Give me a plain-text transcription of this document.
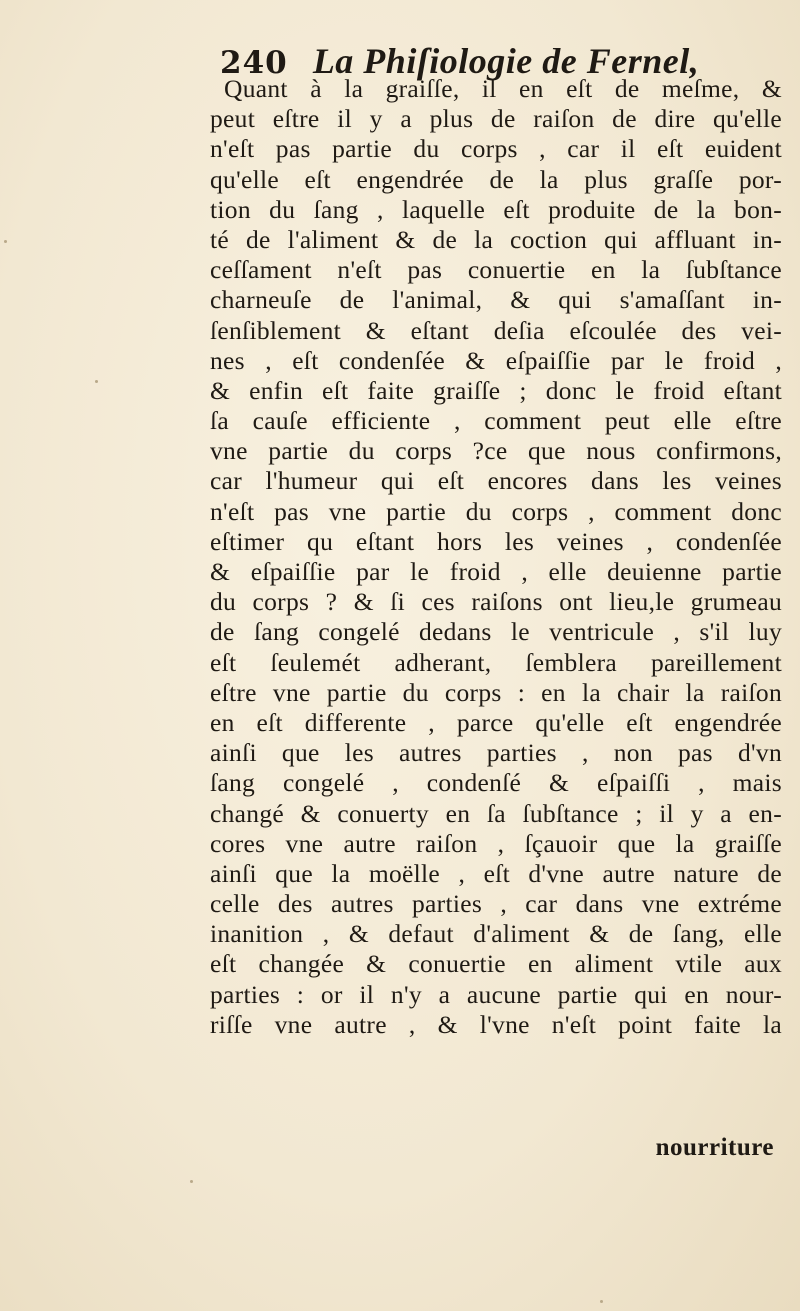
240 La Phiſiologie de Fernel,
Quant à la graiſſe, il en eſt de meſme, &
peut eſtre il y a plus de raiſon de dire qu'elle
n'eſt pas partie du corps , car il eſt euident
qu'elle eſt engendrée de la plus graſſe por-
tion du ſang , laquelle eſt produite de la bon-
té de l'aliment & de la coction qui affluant in-
ceſſament n'eſt pas conuertie en la ſubſtance
charneuſe de l'animal, & qui s'amaſſant in-
ſenſiblement & eſtant deſia eſcoulée des vei-
nes , eſt condenſée & eſpaiſſie par le froid ,
& enfin eſt faite graiſſe ; donc le froid eſtant
ſa cauſe efficiente , comment peut elle eſtre
vne partie du corps ?ce que nous confirmons,
car l'humeur qui eſt encores dans les veines
n'eſt pas vne partie du corps , comment donc
eſtimer qu eſtant hors les veines , condenſée
& eſpaiſſie par le froid , elle deuienne partie
du corps ? & ſi ces raiſons ont lieu,le grumeau
de ſang congelé dedans le ventricule , s'il luy
eſt ſeulemét adherant, ſemblera pareillement
eſtre vne partie du corps : en la chair la raiſon
en eſt differente , parce qu'elle eſt engendrée
ainſi que les autres parties , non pas d'vn
ſang congelé , condenſé & eſpaiſſi , mais
changé & conuerty en ſa ſubſtance ; il y a en-
cores vne autre raiſon , ſçauoir que la graiſſe
ainſi que la moëlle , eſt d'vne autre nature de
celle des autres parties , car dans vne extréme
inanition , & defaut d'aliment & de ſang, elle
eſt changée & conuertie en aliment vtile aux
parties : or il n'y a aucune partie qui en nour-
riſſe vne autre , & l'vne n'eſt point faite la
nourriture
